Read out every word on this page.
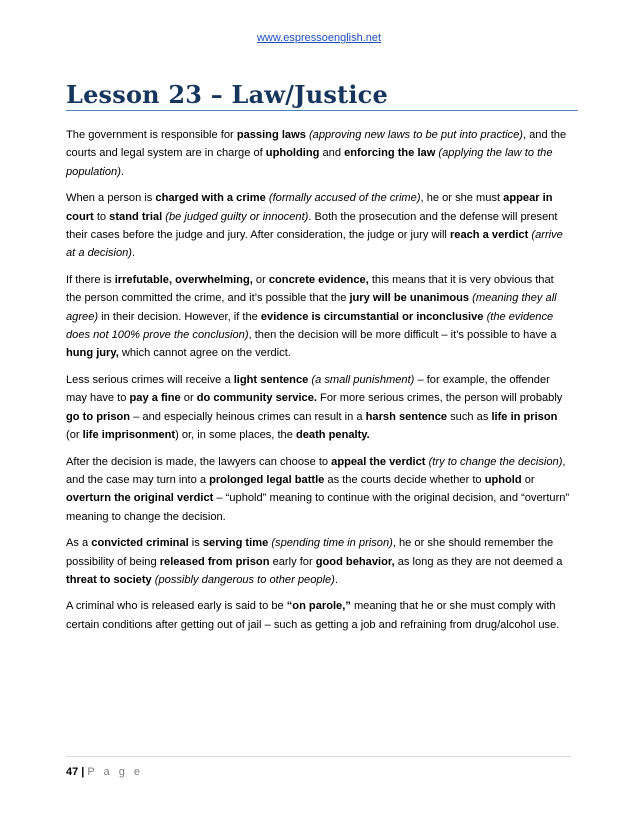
www.espressoenglish.net
Lesson 23 – Law/Justice

The government is responsible for passing laws (approving new laws to be put into practice), and the courts and legal system are in charge of upholding and enforcing the law (applying the law to the population).

When a person is charged with a crime (formally accused of the crime), he or she must appear in court to stand trial (be judged guilty or innocent). Both the prosecution and the defense will present their cases before the judge and jury. After consideration, the judge or jury will reach a verdict (arrive at a decision).

If there is irrefutable, overwhelming, or concrete evidence, this means that it is very obvious that the person committed the crime, and it’s possible that the jury will be unanimous (meaning they all agree) in their decision. However, if the evidence is circumstantial or inconclusive (the evidence does not 100% prove the conclusion), then the decision will be more difficult – it’s possible to have a hung jury, which cannot agree on the verdict.

Less serious crimes will receive a light sentence (a small punishment) – for example, the offender may have to pay a fine or do community service. For more serious crimes, the person will probably go to prison – and especially heinous crimes can result in a harsh sentence such as life in prison (or life imprisonment) or, in some places, the death penalty.

After the decision is made, the lawyers can choose to appeal the verdict (try to change the decision), and the case may turn into a prolonged legal battle as the courts decide whether to uphold or overturn the original verdict – “uphold” meaning to continue with the original decision, and “overturn” meaning to change the decision.

As a convicted criminal is serving time (spending time in prison), he or she should remember the possibility of being released from prison early for good behavior, as long as they are not deemed a threat to society (possibly dangerous to other people).

A criminal who is released early is said to be “on parole,” meaning that he or she must comply with certain conditions after getting out of jail – such as getting a job and refraining from drug/alcohol use.

47 | P a g e
